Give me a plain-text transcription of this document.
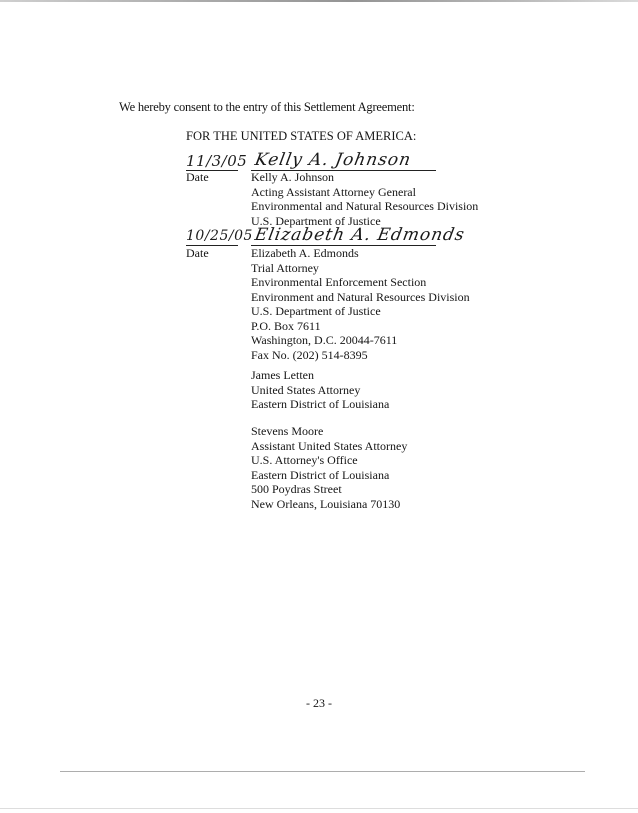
We hereby consent to the entry of this Settlement Agreement:
FOR THE UNITED STATES OF AMERICA:
11/3/05
Date
Kelly A. Johnson
Kelly A. Johnson
Acting Assistant Attorney General
Environmental and Natural Resources Division
U.S. Department of Justice
10/25/05
Date
Elizabeth A. Edmonds
Elizabeth A. Edmonds
Trial Attorney
Environmental Enforcement Section
Environment and Natural Resources Division
U.S. Department of Justice
P.O. Box 7611
Washington, D.C. 20044-7611
Fax No. (202) 514-8395
James Letten
United States Attorney
Eastern District of Louisiana
Stevens Moore
Assistant United States Attorney
U.S. Attorney's Office
Eastern District of Louisiana
500 Poydras Street
New Orleans, Louisiana 70130
- 23 -
